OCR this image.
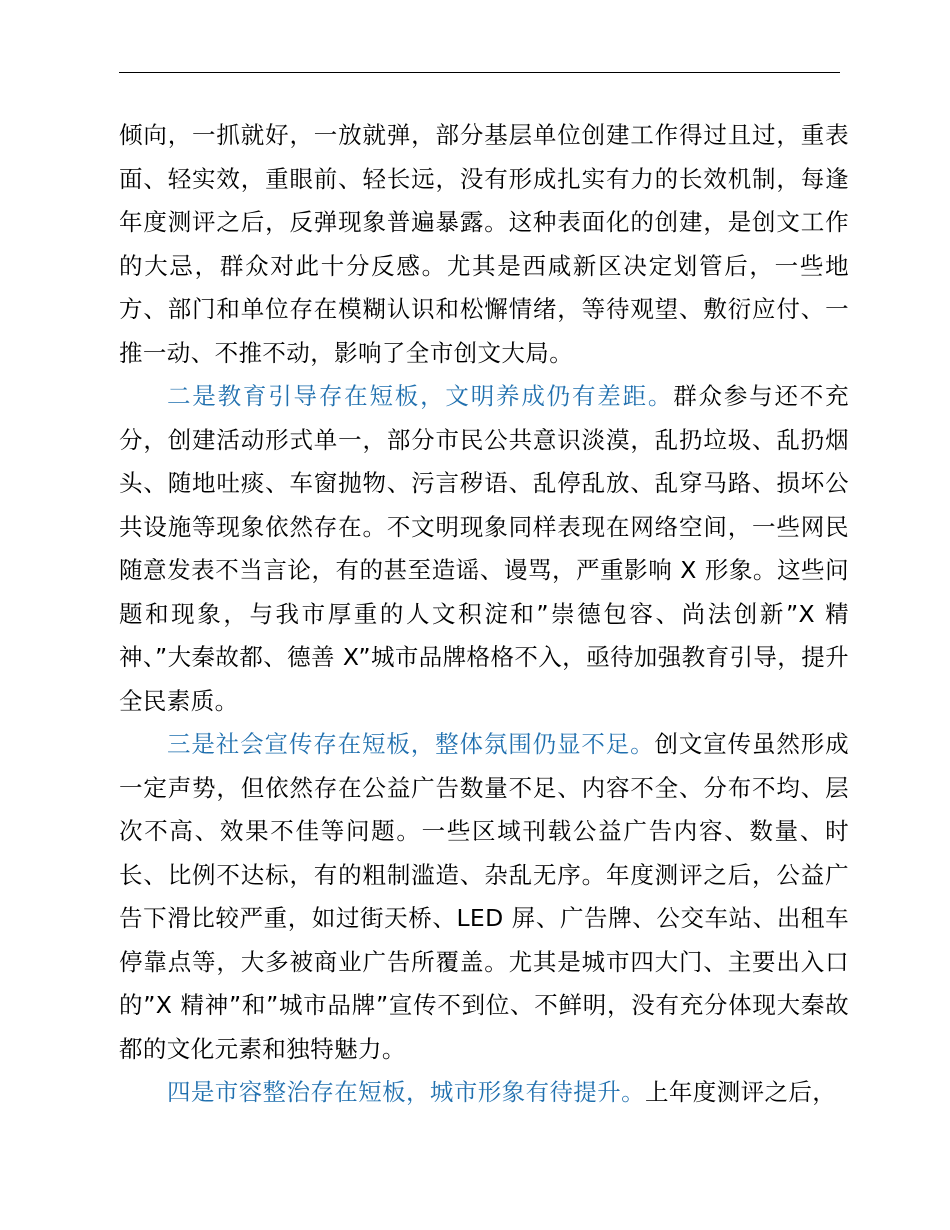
倾向，一抓就好，一放就弹，部分基层单位创建工作得过且过，重表面、轻实效，重眼前、轻长远，没有形成扎实有力的长效机制，每逢年度测评之后，反弹现象普遍暴露。这种表面化的创建，是创文工作的大忌，群众对此十分反感。尤其是西咸新区决定划管后，一些地方、部门和单位存在模糊认识和松懈情绪，等待观望、敷衍应付、一推一动、不推不动，影响了全市创文大局。

二是教育引导存在短板，文明养成仍有差距。群众参与还不充分，创建活动形式单一，部分市民公共意识淡漠，乱扔垃圾、乱扔烟头、随地吐痰、车窗抛物、污言秽语、乱停乱放、乱穿马路、损坏公共设施等现象依然存在。不文明现象同样表现在网络空间，一些网民随意发表不当言论，有的甚至造谣、谩骂，严重影响 X 形象。这些问题和现象，与我市厚重的人文积淀和”崇德包容、尚法创新”X 精神、”大秦故都、德善 X”城市品牌格格不入，亟待加强教育引导，提升全民素质。

三是社会宣传存在短板，整体氛围仍显不足。创文宣传虽然形成一定声势，但依然存在公益广告数量不足、内容不全、分布不均、层次不高、效果不佳等问题。一些区域刊载公益广告内容、数量、时长、比例不达标，有的粗制滥造、杂乱无序。年度测评之后，公益广告下滑比较严重，如过街天桥、LED 屏、广告牌、公交车站、出租车停靠点等，大多被商业广告所覆盖。尤其是城市四大门、主要出入口的”X 精神”和”城市品牌”宣传不到位、不鲜明，没有充分体现大秦故都的文化元素和独特魅力。

四是市容整治存在短板，城市形象有待提升。上年度测评之后，
